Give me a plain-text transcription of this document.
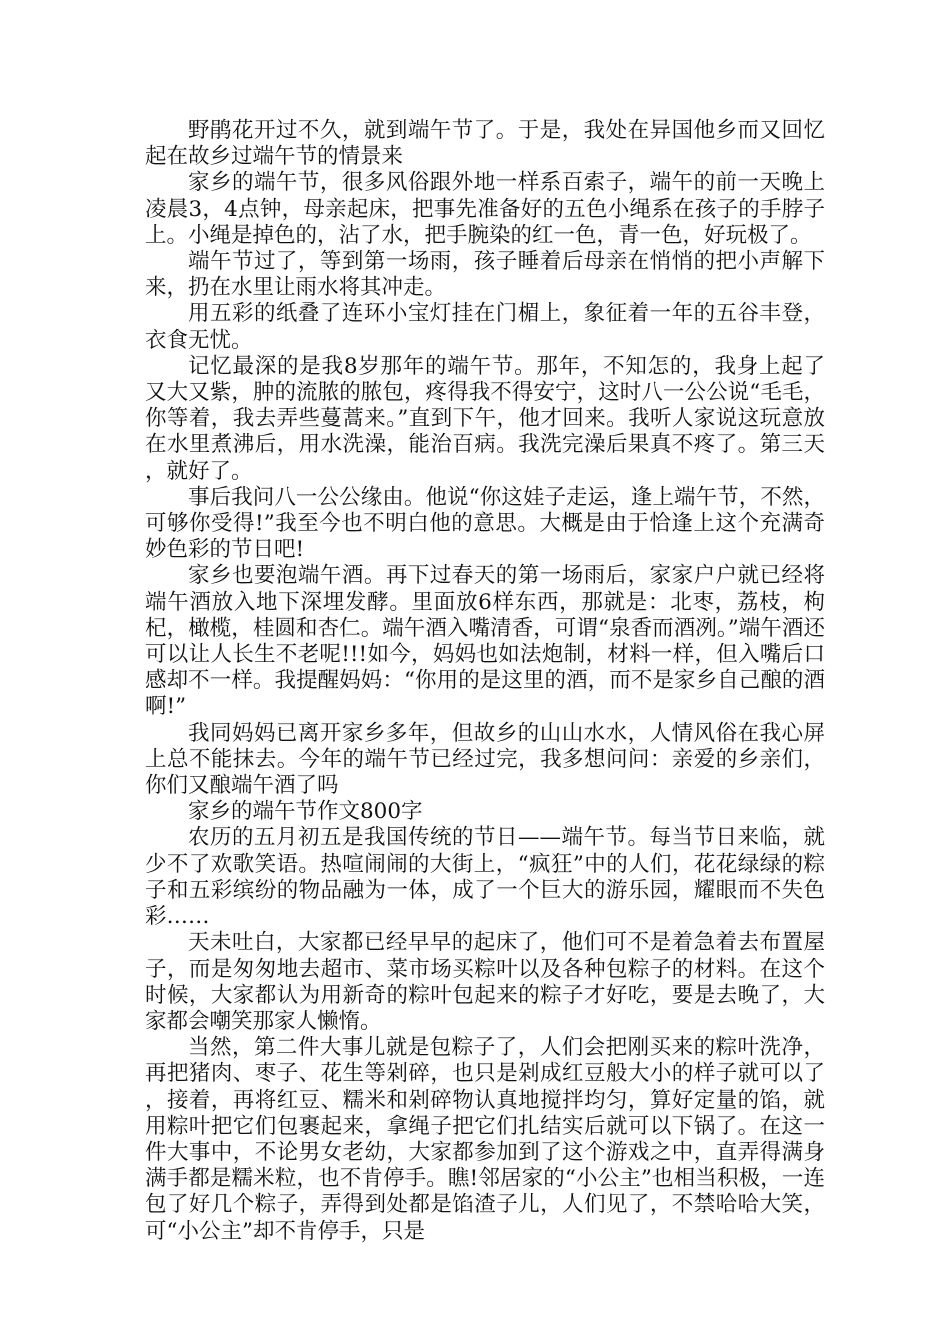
野鹃花开过不久，就到端午节了。于是，我处在异国他乡而又回忆起在故乡过端午节的情景来

家乡的端午节，很多风俗跟外地一样系百索子，端午的前一天晚上凌晨3，4点钟，母亲起床，把事先准备好的五色小绳系在孩子的手脖子上。小绳是掉色的，沾了水，把手腕染的红一色，青一色，好玩极了。

端午节过了，等到第一场雨，孩子睡着后母亲在悄悄的把小声解下来，扔在水里让雨水将其冲走。

用五彩的纸叠了连环小宝灯挂在门楣上，象征着一年的五谷丰登，衣食无忧。

记忆最深的是我8岁那年的端午节。那年，不知怎的，我身上起了又大又紫，肿的流脓的脓包，疼得我不得安宁，这时八一公公说“毛毛，你等着，我去弄些蔓蒿来。”直到下午，他才回来。我听人家说这玩意放在水里煮沸后，用水洗澡，能治百病。我洗完澡后果真不疼了。第三天，就好了。

事后我问八一公公缘由。他说“你这娃子走运，逢上端午节，不然，可够你受得!”我至今也不明白他的意思。大概是由于恰逢上这个充满奇妙色彩的节日吧!

家乡也要泡端午酒。再下过春天的第一场雨后，家家户户就已经将端午酒放入地下深埋发酵。里面放6样东西，那就是：北枣，荔枝，枸杞，橄榄，桂圆和杏仁。端午酒入嘴清香，可谓“泉香而酒冽。”端午酒还可以让人长生不老呢!!!如今，妈妈也如法炮制，材料一样，但入嘴后口感却不一样。我提醒妈妈：“你用的是这里的酒，而不是家乡自己酿的酒啊!”

我同妈妈已离开家乡多年，但故乡的山山水水，人情风俗在我心屏上总不能抹去。今年的端午节已经过完，我多想问问：亲爱的乡亲们，你们又酿端午酒了吗

家乡的端午节作文800字

农历的五月初五是我国传统的节日——端午节。每当节日来临，就少不了欢歌笑语。热喧闹闹的大街上，“疯狂”中的人们，花花绿绿的粽子和五彩缤纷的物品融为一体，成了一个巨大的游乐园，耀眼而不失色彩……

天未吐白，大家都已经早早的起床了，他们可不是着急着去布置屋子，而是匆匆地去超市、菜市场买粽叶以及各种包粽子的材料。在这个时候，大家都认为用新奇的粽叶包起来的粽子才好吃，要是去晚了，大家都会嘲笑那家人懒惰。

当然，第二件大事儿就是包粽子了，人们会把刚买来的粽叶洗净，再把猪肉、枣子、花生等剁碎，也只是剁成红豆般大小的样子就可以了，接着，再将红豆、糯米和剁碎物认真地搅拌均匀，算好定量的馅，就用粽叶把它们包裹起来，拿绳子把它们扎结实后就可以下锅了。在这一件大事中，不论男女老幼，大家都参加到了这个游戏之中，直弄得满身满手都是糯米粒，也不肯停手。瞧!邻居家的“小公主”也相当积极，一连包了好几个粽子，弄得到处都是馅渣子儿，人们见了，不禁哈哈大笑，可“小公主”却不肯停手，只是
